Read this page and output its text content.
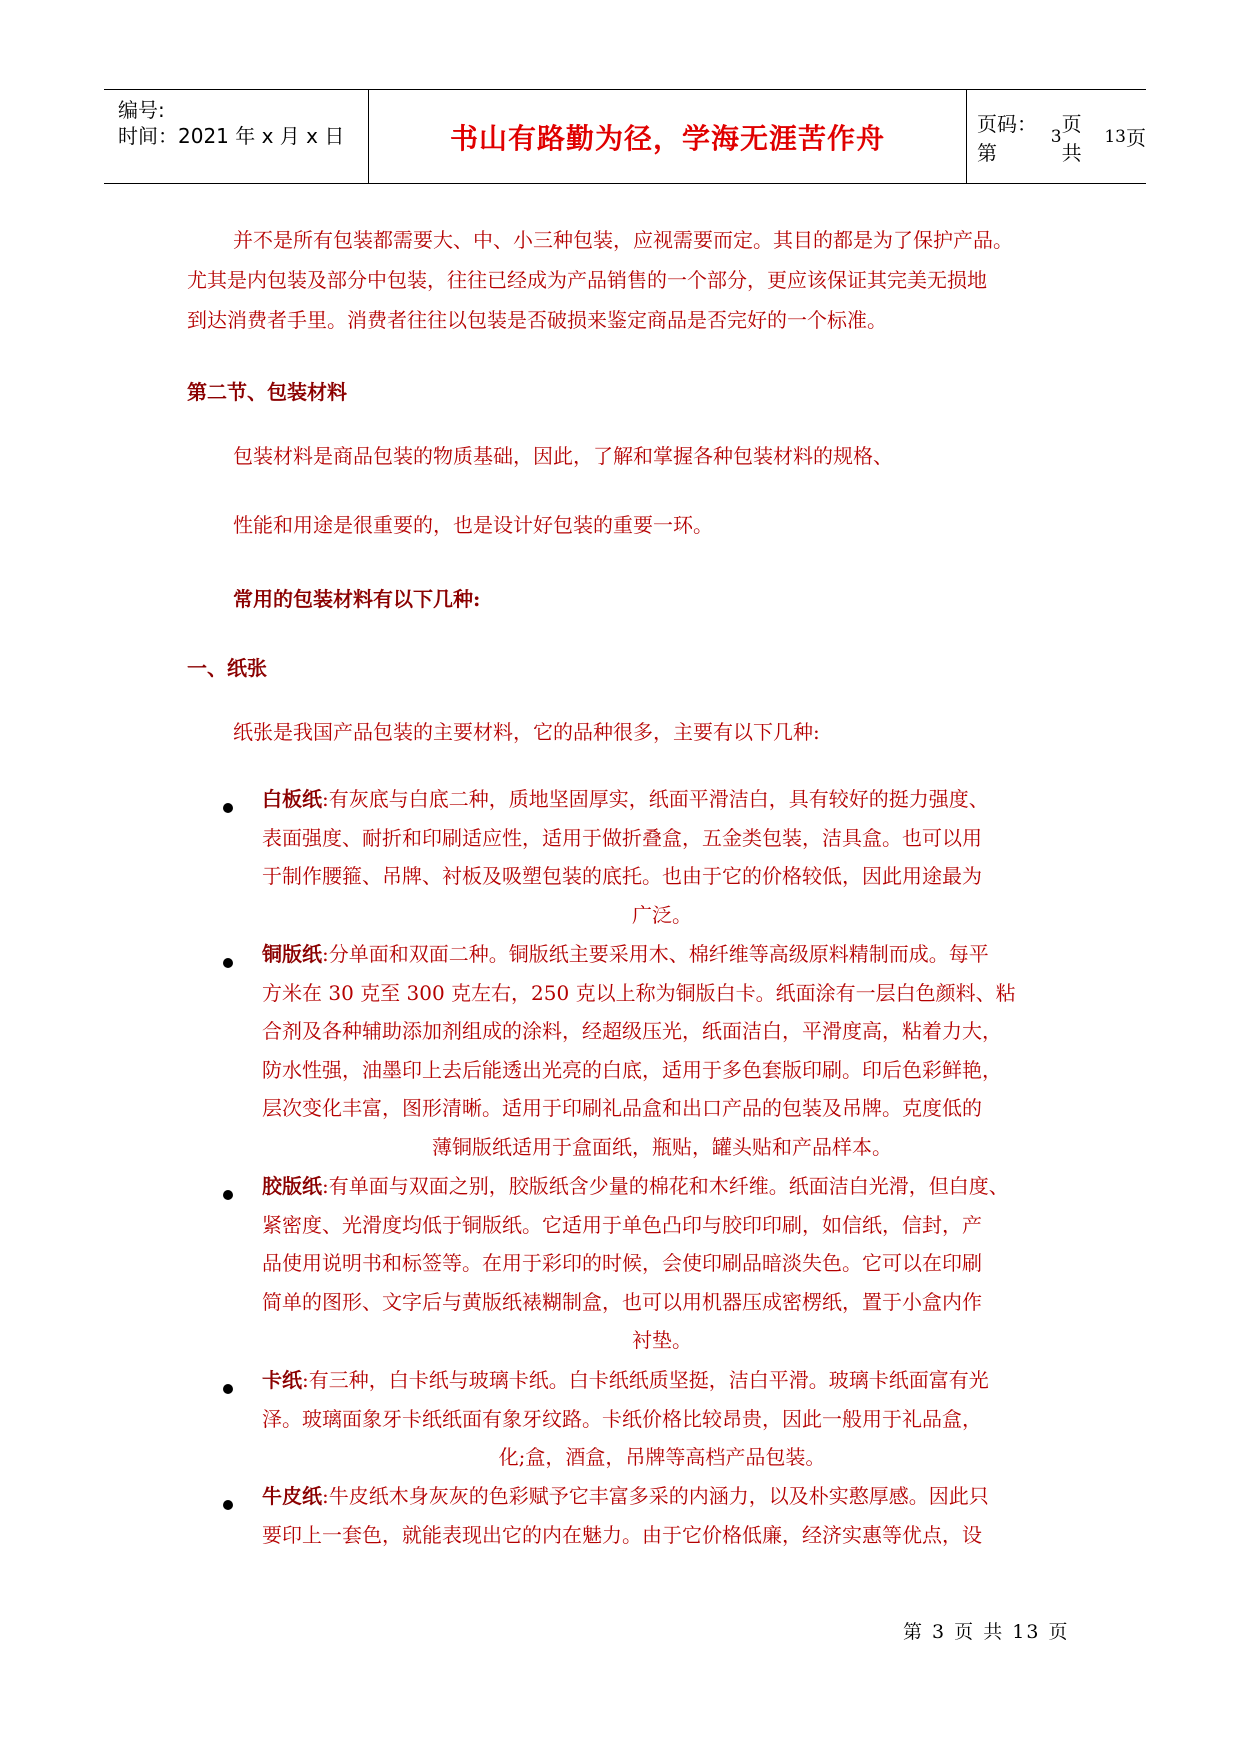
编号:
时间：2021 年 x 月 x 日	书山有路勤为径，学海无涯苦作舟	页码：第
3
页 共
13 页
并不是所有包装都需要大、中、小三种包装，应视需要而定。其目的都是为了保护产品。
尤其是内包装及部分中包装，往往已经成为产品销售的一个部分，更应该保证其完美无损地
到达消费者手里。消费者往往以包装是否破损来鉴定商品是否完好的一个标准。
第二节、包装材料
包装材料是商品包装的物质基础，因此，了解和掌握各种包装材料的规格、
性能和用途是很重要的，也是设计好包装的重要一环。
常用的包装材料有以下几种:
一、纸张
纸张是我国产品包装的主要材料，它的品种很多，主要有以下几种:
白板纸:有灰底与白底二种，质地坚固厚实，纸面平滑洁白，具有较好的挺力强度、
表面强度、耐折和印刷适应性，适用于做折叠盒，五金类包装，洁具盒。也可以用
于制作腰箍、吊牌、衬板及吸塑包装的底托。也由于它的价格较低，因此用途最为
广泛。
铜版纸:分单面和双面二种。铜版纸主要采用木、棉纤维等高级原料精制而成。每平
方米在 30 克至 300 克左右，250 克以上称为铜版白卡。纸面涂有一层白色颜料、粘
合剂及各种辅助添加剂组成的涂料，经超级压光，纸面洁白，平滑度高，粘着力大，
防水性强，油墨印上去后能透出光亮的白底，适用于多色套版印刷。印后色彩鲜艳，
层次变化丰富，图形清晰。适用于印刷礼品盒和出口产品的包装及吊牌。克度低的
薄铜版纸适用于盒面纸，瓶贴，罐头贴和产品样本。
胶版纸:有单面与双面之别，胶版纸含少量的棉花和木纤维。纸面洁白光滑，但白度、
紧密度、光滑度均低于铜版纸。它适用于单色凸印与胶印印刷，如信纸，信封，产
品使用说明书和标签等。在用于彩印的时候，会使印刷品暗淡失色。它可以在印刷
简单的图形、文字后与黄版纸裱糊制盒，也可以用机器压成密楞纸，置于小盒内作
衬垫。
卡纸:有三种，白卡纸与玻璃卡纸。白卡纸纸质坚挺，洁白平滑。玻璃卡纸面富有光
泽。玻璃面象牙卡纸纸面有象牙纹路。卡纸价格比较昂贵，因此一般用于礼品盒，
化;盒，酒盒，吊牌等高档产品包装。
牛皮纸:牛皮纸木身灰灰的色彩赋予它丰富多采的内涵力，以及朴实憨厚感。因此只
要印上一套色，就能表现出它的内在魅力。由于它价格低廉，经济实惠等优点，设
第 3 页 共 13 页
